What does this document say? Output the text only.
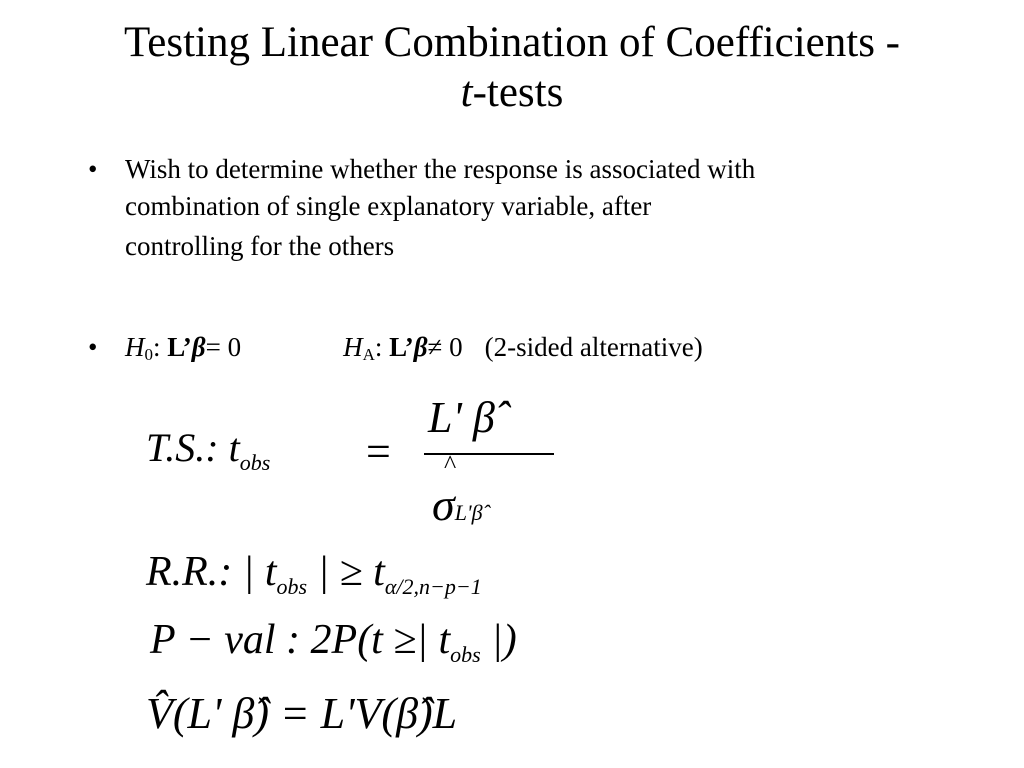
Testing Linear Combination of Coefficients -
t-tests
• Wish to determine whether the response is associated with
combination of single explanatory variable, after
controlling for the others
• $H_0$: L’β= 0	$H_A$: L’β≠ 0 (2-sided alternative)
T.S.: $t_{obs}$ =
L' β̂
^
σL'β̂
R.R.: | $t_{obs}$ | ≥ $t_{\alpha/2,n-p-1}$
P − val : 2P(t ≥| $t_{obs}$ |)
V̂(L' β̂) = L'V(β̂)L
